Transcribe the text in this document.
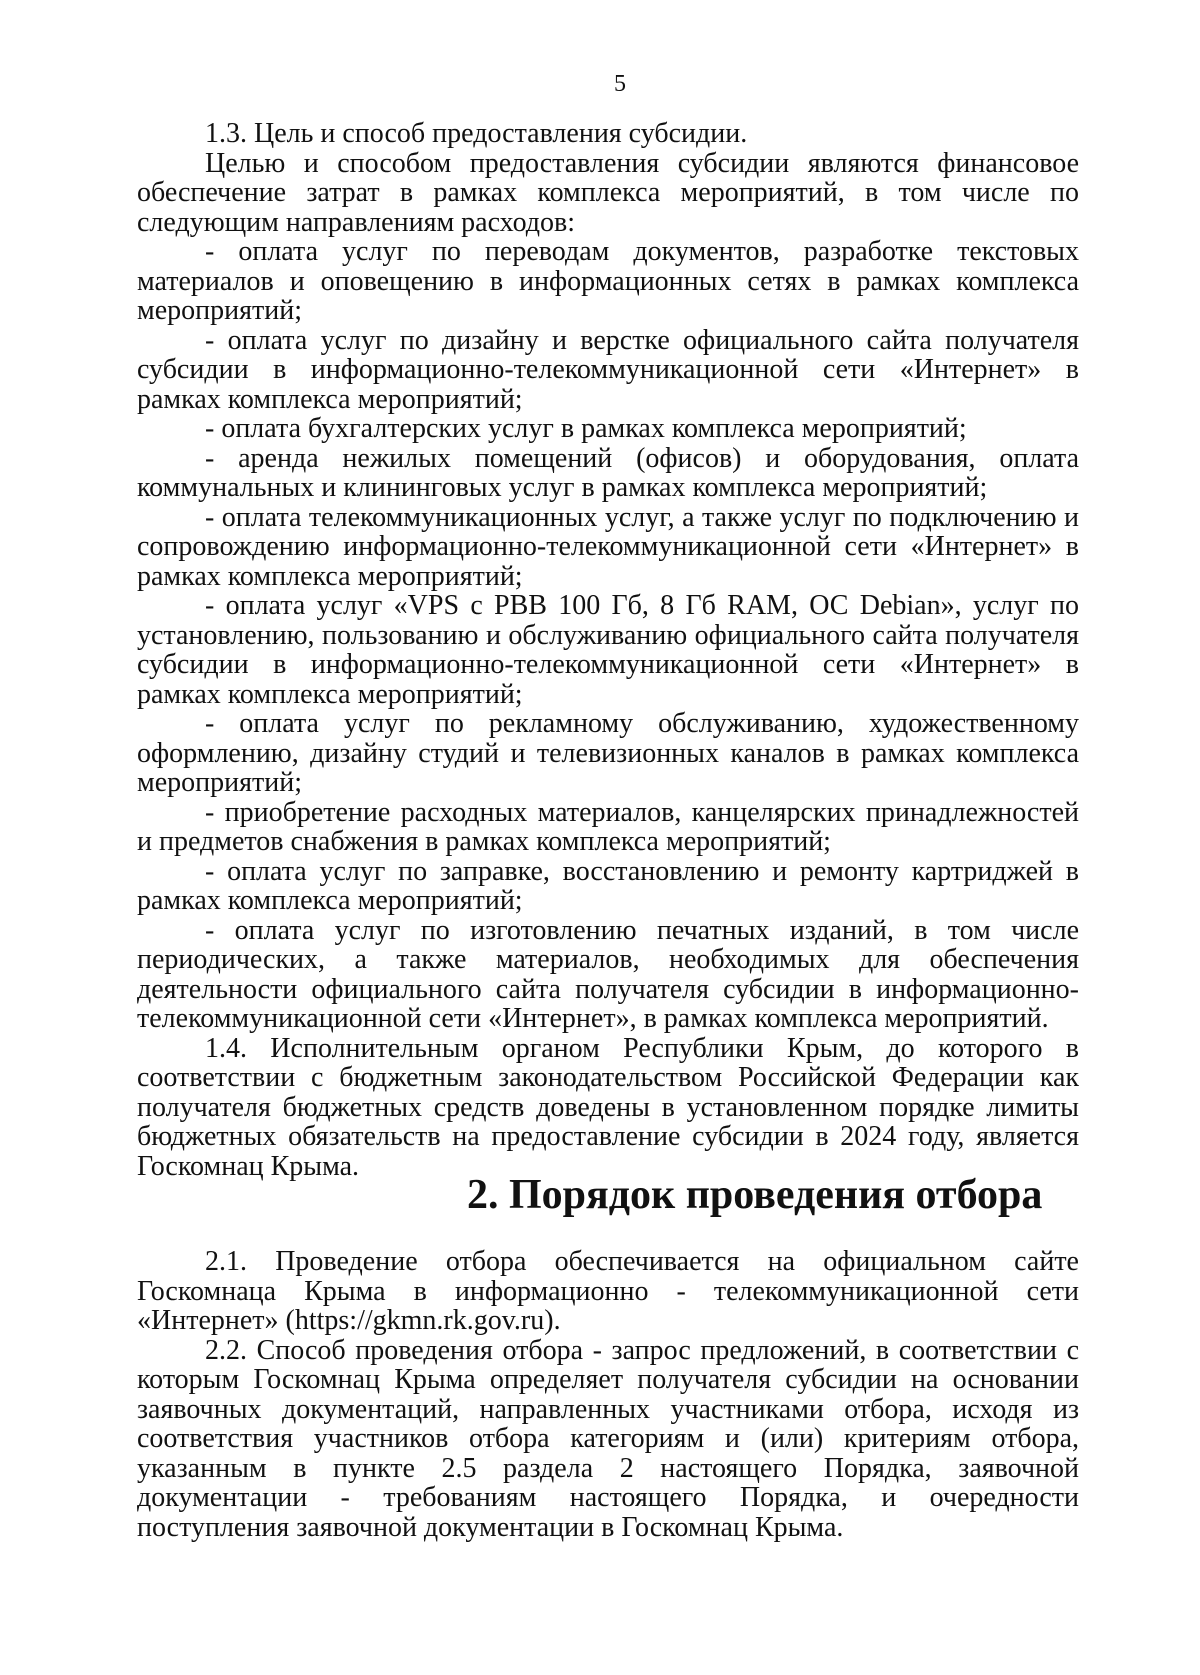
5

1.3. Цель и способ предоставления субсидии.

Целью и способом предоставления субсидии являются финансовое обеспечение затрат в рамках комплекса мероприятий, в том числе по следующим направлениям расходов:

- оплата услуг по переводам документов, разработке текстовых материалов и оповещению в информационных сетях в рамках комплекса мероприятий;

- оплата услуг по дизайну и верстке официального сайта получателя субсидии в информационно-телекоммуникационной сети «Интернет» в рамках комплекса мероприятий;

- оплата бухгалтерских услуг в рамках комплекса мероприятий;

- аренда нежилых помещений (офисов) и оборудования, оплата коммунальных и клининговых услуг в рамках комплекса мероприятий;

- оплата телекоммуникационных услуг, а также услуг по подключению и сопровождению информационно-телекоммуникационной сети «Интернет» в рамках комплекса мероприятий;

- оплата услуг «VPS с РВВ 100 Гб, 8 Гб RAM, ОС Debian», услуг по установлению, пользованию и обслуживанию официального сайта получателя субсидии в информационно-телекоммуникационной сети «Интернет» в рамках комплекса мероприятий;

- оплата услуг по рекламному обслуживанию, художественному оформлению, дизайну студий и телевизионных каналов в рамках комплекса мероприятий;

- приобретение расходных материалов, канцелярских принадлежностей и предметов снабжения в рамках комплекса мероприятий;

- оплата услуг по заправке, восстановлению и ремонту картриджей в рамках комплекса мероприятий;

- оплата услуг по изготовлению печатных изданий, в том числе периодических, а также материалов, необходимых для обеспечения деятельности официального сайта получателя субсидии в информационно-телекоммуникационной сети «Интернет», в рамках комплекса мероприятий.

1.4. Исполнительным органом Республики Крым, до которого в соответствии с бюджетным законодательством Российской Федерации как получателя бюджетных средств доведены в установленном порядке лимиты бюджетных обязательств на предоставление субсидии в 2024 году, является Госкомнац Крыма.

2. Порядок проведения отбора

2.1. Проведение отбора обеспечивается на официальном сайте Госкомнаца Крыма в информационно - телекоммуникационной сети «Интернет» (https://gkmn.rk.gov.ru).

2.2. Способ проведения отбора - запрос предложений, в соответствии с которым Госкомнац Крыма определяет получателя субсидии на основании заявочных документаций, направленных участниками отбора, исходя из соответствия участников отбора категориям и (или) критериям отбора, указанным в пункте 2.5 раздела 2 настоящего Порядка, заявочной документации - требованиям настоящего Порядка, и очередности поступления заявочной документации в Госкомнац Крыма.
